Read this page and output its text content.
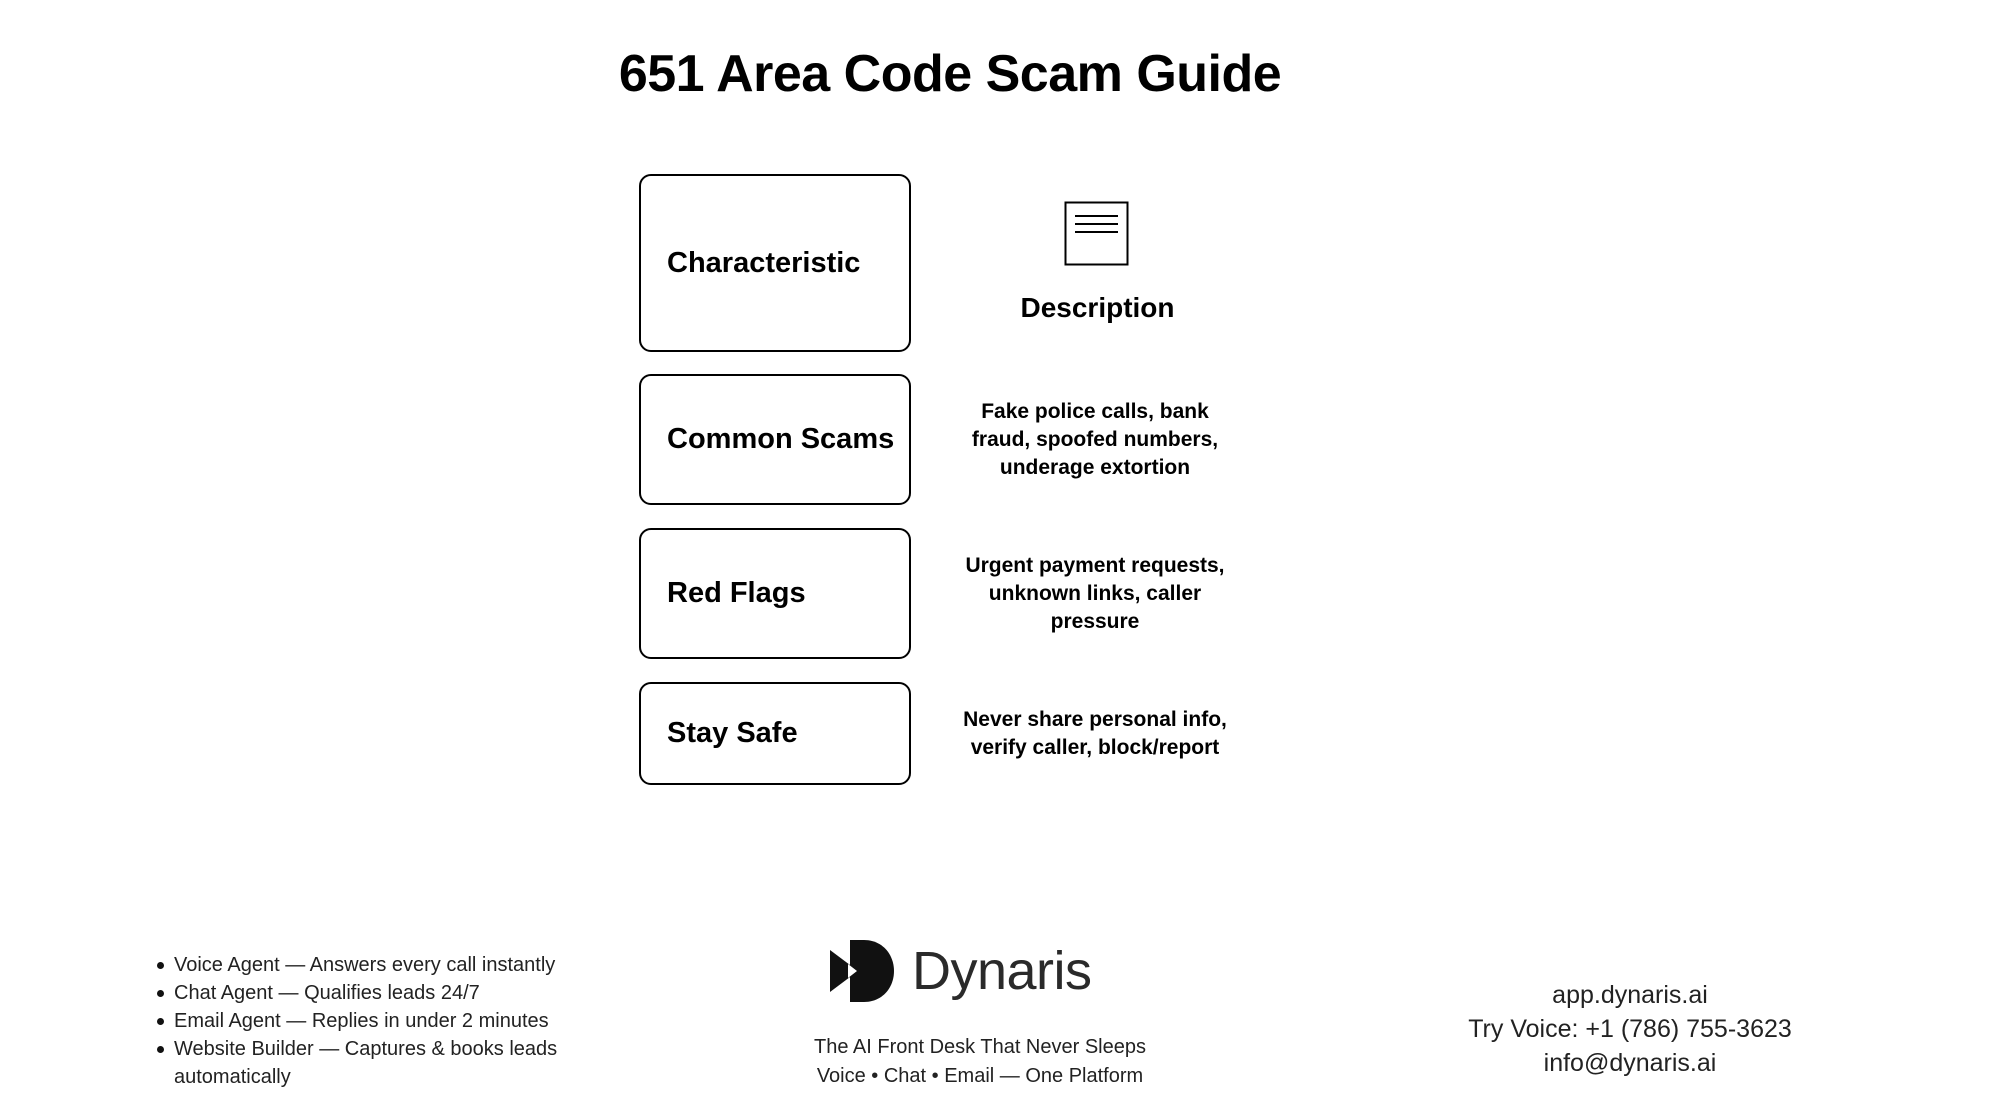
651 Area Code Scam Guide
Characteristic
Common Scams
Red Flags
Stay Safe
Description
Fake police calls, bank
fraud, spoofed numbers,
underage extortion
Urgent payment requests,
unknown links, caller
pressure
Never share personal info,
verify caller, block/report
Voice Agent — Answers every call instantly
Chat Agent — Qualifies leads 24/7
Email Agent — Replies in under 2 minutes
Website Builder — Captures & books leads automatically
Dynaris
The AI Front Desk That Never Sleeps
Voice • Chat • Email — One Platform
app.dynaris.ai
Try Voice: +1 (786) 755-3623
info@dynaris.ai
